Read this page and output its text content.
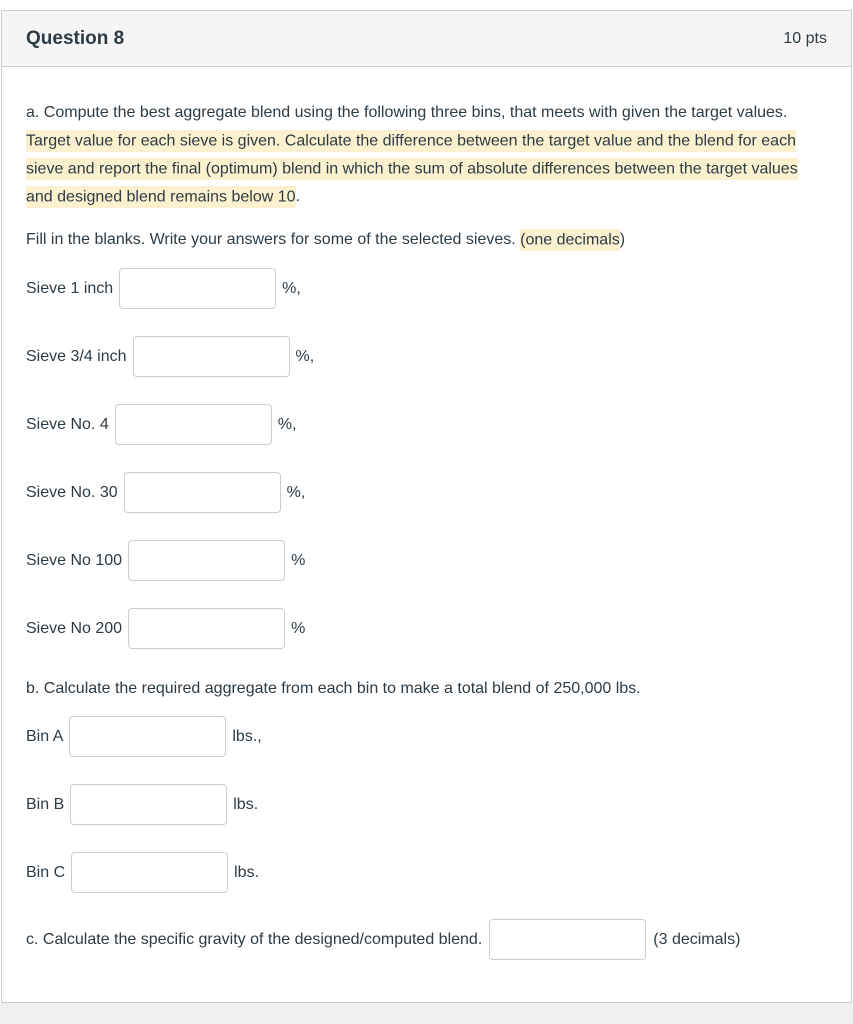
Question 8	10 pts

a. Compute the best aggregate blend using the following three bins, that meets with given the target values. Target value for each sieve is given. Calculate the difference between the target value and the blend for each sieve and report the final (optimum) blend in which the sum of absolute differences between the target values and designed blend remains below 10.

Fill in the blanks. Write your answers for some of the selected sieves. (one decimals)

Sieve 1 inch	%,
Sieve 3/4 inch	%,
Sieve No. 4	%,
Sieve No. 30	%,
Sieve No 100	%
Sieve No 200	%

b. Calculate the required aggregate from each bin to make a total blend of 250,000 lbs.

Bin A	lbs.,
Bin B	lbs.
Bin C	lbs.
c. Calculate the specific gravity of the designed/computed blend.	(3 decimals)
